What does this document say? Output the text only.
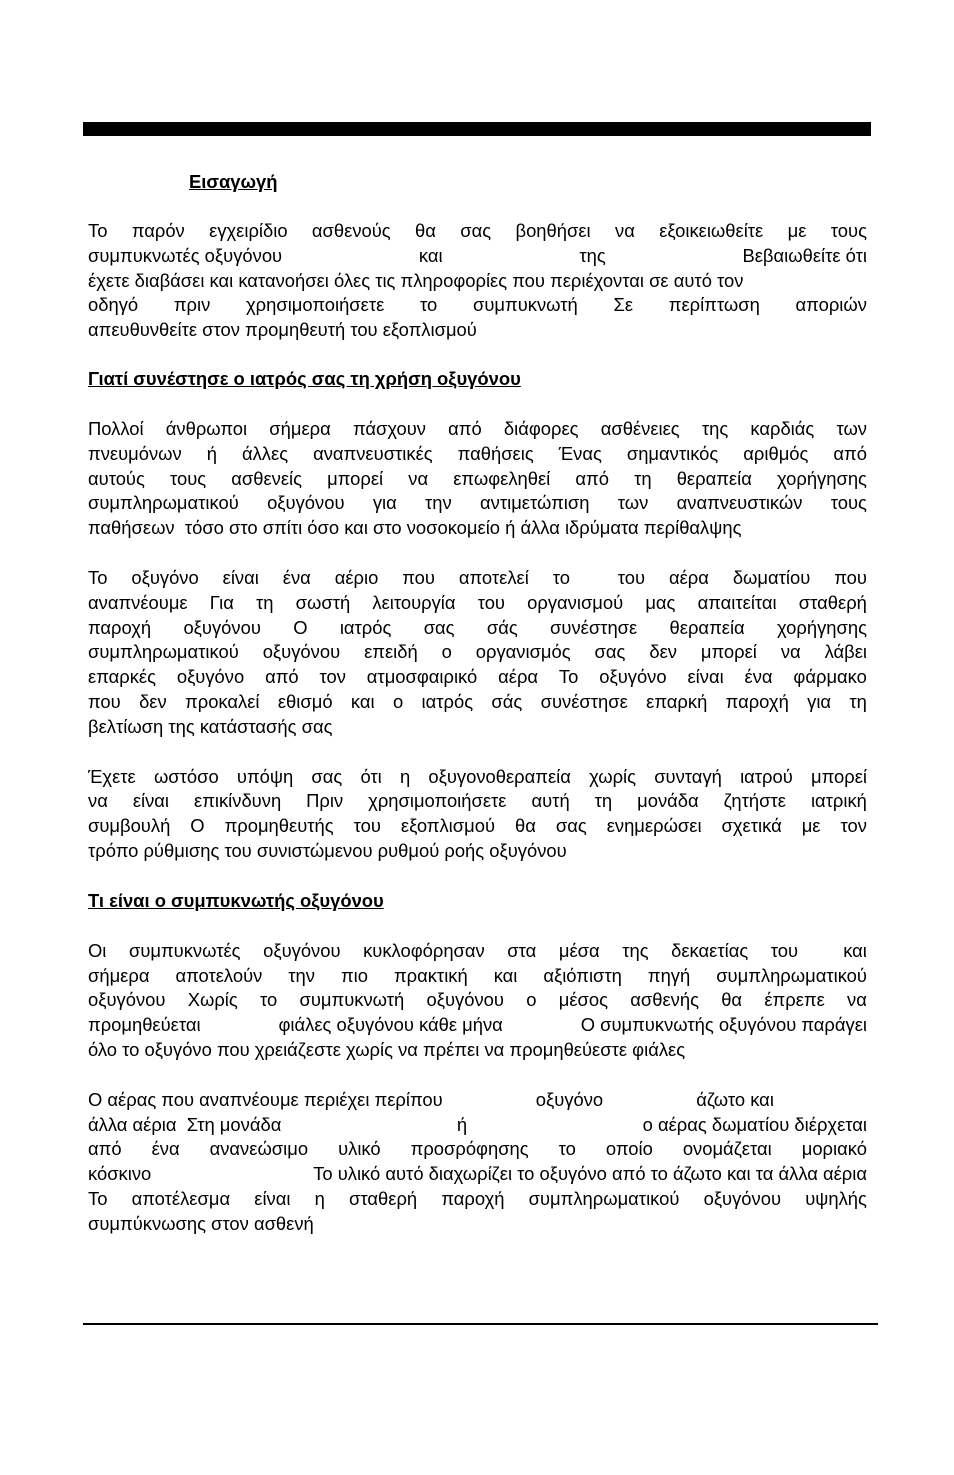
Εισαγωγή

Το παρόν εγχειρίδιο ασθενούς θα σας βοηθήσει να εξοικειωθείτε με τους
συμπυκνωτές οξυγόνου	και	της	Βεβαιωθείτε ότι
έχετε διαβάσει και κατανοήσει όλες τις πληροφορίες που περιέχονται σε αυτό τον
οδηγό πριν χρησιμοποιήσετε το συμπυκνωτή Σε περίπτωση αποριών
απευθυνθείτε στον προμηθευτή του εξοπλισμού

Γιατί συνέστησε ο ιατρός σας τη χρήση οξυγόνου

Πολλοί άνθρωποι σήμερα πάσχουν από διάφορες ασθένειες της καρδιάς των
πνευμόνων ή άλλες αναπνευστικές παθήσεις Ένας σημαντικός αριθμός από
αυτούς τους ασθενείς μπορεί να επωφεληθεί από τη θεραπεία χορήγησης
συμπληρωματικού οξυγόνου για την αντιμετώπιση των αναπνευστικών τους
παθήσεων  τόσο στο σπίτι όσο και στο νοσοκομείο ή άλλα ιδρύματα περίθαλψης
Το οξυγόνο είναι ένα αέριο που αποτελεί το	του αέρα δωματίου που
αναπνέουμε Για τη σωστή λειτουργία του οργανισμού μας απαιτείται σταθερή
παροχή οξυγόνου Ο ιατρός σας σάς συνέστησε θεραπεία χορήγησης
συμπληρωματικού οξυγόνου επειδή ο οργανισμός σας δεν μπορεί να λάβει
επαρκές οξυγόνο από τον ατμοσφαιρικό αέρα Το οξυγόνο είναι ένα φάρμακο
που δεν προκαλεί εθισμό και ο ιατρός σάς συνέστησε επαρκή παροχή για τη
βελτίωση της κατάστασής σας
Έχετε ωστόσο υπόψη σας ότι η οξυγονοθεραπεία χωρίς συνταγή ιατρού μπορεί
να είναι επικίνδυνη Πριν χρησιμοποιήσετε αυτή τη μονάδα ζητήστε ιατρική
συμβουλή Ο προμηθευτής του εξοπλισμού θα σας ενημερώσει σχετικά με τον
τρόπο ρύθμισης του συνιστώμενου ρυθμού ροής οξυγόνου

Τι είναι ο συμπυκνωτής οξυγόνου

Οι συμπυκνωτές οξυγόνου κυκλοφόρησαν στα μέσα της δεκαετίας του και
σήμερα αποτελούν την πιο πρακτική και αξιόπιστη πηγή συμπληρωματικού
οξυγόνου Χωρίς το συμπυκνωτή οξυγόνου ο μέσος ασθενής θα έπρεπε να
προμηθεύεται	φιάλες οξυγόνου κάθε μήνα	Ο συμπυκνωτής οξυγόνου παράγει
όλο το οξυγόνο που χρειάζεστε χωρίς να πρέπει να προμηθεύεστε φιάλες
Ο αέρας που αναπνέουμε περιέχει περίπου	οξυγόνο	άζωτο και
άλλα αέρια  Στη μονάδα	ή	ο αέρας δωματίου διέρχεται
από ένα ανανεώσιμο υλικό προσρόφησης το οποίο ονομάζεται μοριακό
κόσκινο	Το υλικό αυτό διαχωρίζει το οξυγόνο από το άζωτο και τα άλλα αέρια
Το αποτέλεσμα είναι η σταθερή παροχή συμπληρωματικού οξυγόνου υψηλής
συμπύκνωσης στον ασθενή
